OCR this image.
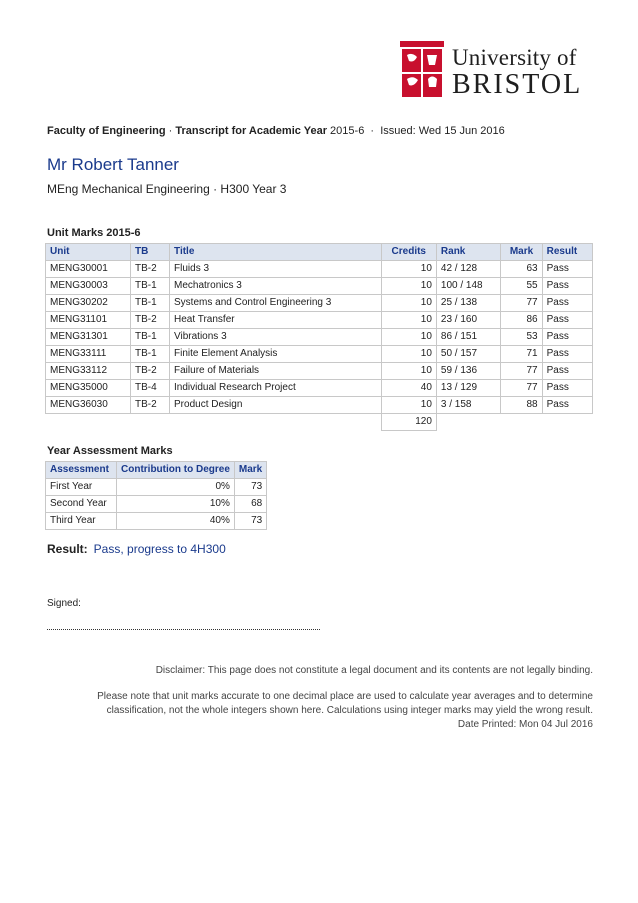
University of
BRISTOL
Faculty of Engineering · Transcript for Academic Year 2015-6  ·  Issued: Wed 15 Jun 2016
Mr Robert Tanner
MEng Mechanical Engineering · H300 Year 3
Unit Marks 2015-6
Unit	TB	Title	Credits	Rank	Mark	Result
MENG30001	TB-2	Fluids 3	10	42 / 128	63	Pass
MENG30003	TB-1	Mechatronics 3	10	100 / 148	55	Pass
MENG30202	TB-1	Systems and Control Engineering 3	10	25 / 138	77	Pass
MENG31101	TB-2	Heat Transfer	10	23 / 160	86	Pass
MENG31301	TB-1	Vibrations 3	10	86 / 151	53	Pass
MENG33111	TB-1	Finite Element Analysis	10	50 / 157	71	Pass
MENG33112	TB-2	Failure of Materials	10	59 / 136	77	Pass
MENG35000	TB-4	Individual Research Project	40	13 / 129	77	Pass
MENG36030	TB-2	Product Design	10	3 / 158	88	Pass
			120			
Year Assessment Marks
Assessment	Contribution to Degree	Mark
First Year	0%	73
Second Year	10%	68
Third Year	40%	73
Result: Pass, progress to 4H300
Signed:
Disclaimer: This page does not constitute a legal document and its contents are not legally binding.
Please note that unit marks accurate to one decimal place are used to calculate year averages and to determine
classification, not the whole integers shown here. Calculations using integer marks may yield the wrong result.
Date Printed: Mon 04 Jul 2016
